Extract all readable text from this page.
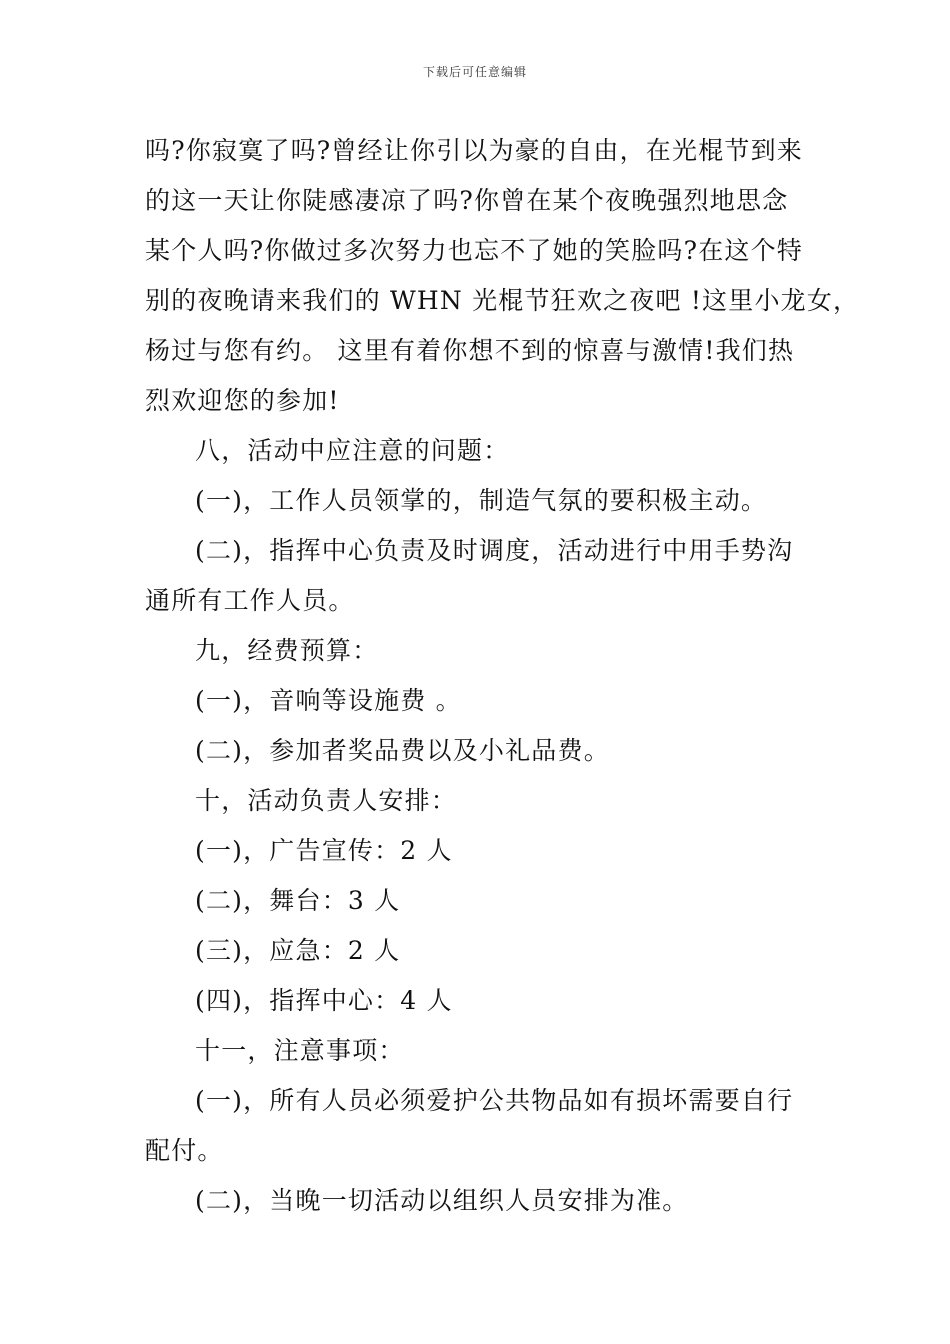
下载后可任意编辑

吗?你寂寞了吗?曾经让你引以为豪的自由，在光棍节到来
的这一天让你陡感凄凉了吗?你曾在某个夜晚强烈地思念
某个人吗?你做过多次努力也忘不了她的笑脸吗?在这个特
别的夜晚请来我们的 WHN 光棍节狂欢之夜吧 !这里小龙女，
杨过与您有约。 这里有着你想不到的惊喜与激情!我们热
烈欢迎您的参加!

八，活动中应注意的问题：

(一)，工作人员领掌的，制造气氛的要积极主动。

(二)，指挥中心负责及时调度，活动进行中用手势沟
通所有工作人员。

九，经费预算：

(一)，音响等设施费 。

(二)，参加者奖品费以及小礼品费。

十，活动负责人安排：

(一)，广告宣传：2 人

(二)，舞台：3 人

(三)，应急：2 人

(四)，指挥中心：4 人

十一，注意事项：

(一)，所有人员必须爱护公共物品如有损坏需要自行
配付。

(二)，当晚一切活动以组织人员安排为准。
